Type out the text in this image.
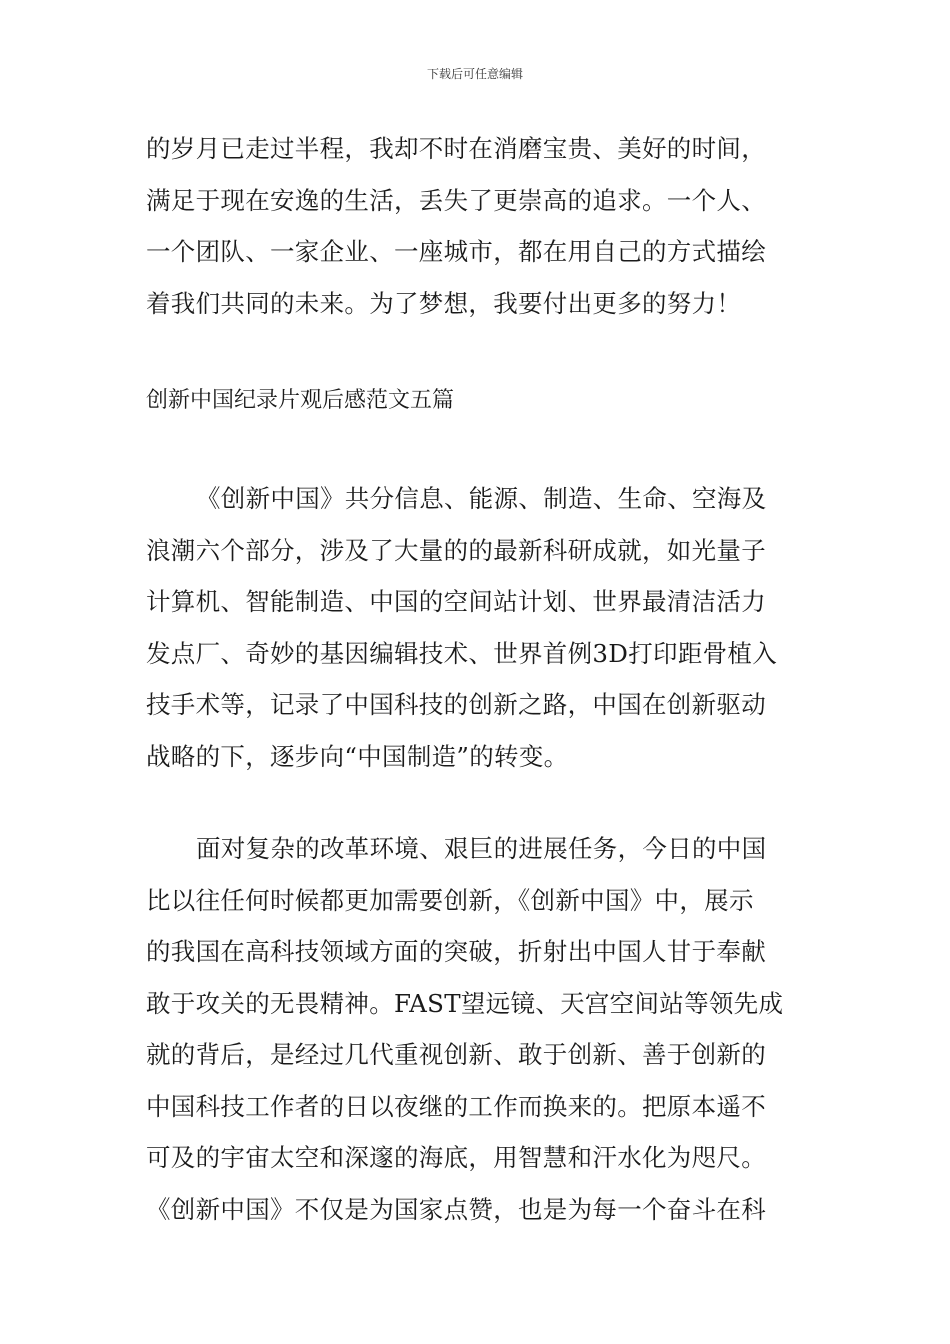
下载后可任意编辑
的岁月已走过半程，我却不时在消磨宝贵、美好的时间，
满足于现在安逸的生活，丢失了更崇高的追求。一个人、
一个团队、一家企业、一座城市，都在用自己的方式描绘
着我们共同的未来。为了梦想，我要付出更多的努力！
创新中国纪录片观后感范文五篇
《创新中国》共分信息、能源、制造、生命、空海及
浪潮六个部分，涉及了大量的的最新科研成就，如光量子
计算机、智能制造、中国的空间站计划、世界最清洁活力
发点厂、奇妙的基因编辑技术、世界首例3D打印距骨植入
技手术等，记录了中国科技的创新之路，中国在创新驱动
战略的下，逐步向“中国制造”的转变。
面对复杂的改革环境、艰巨的进展任务，今日的中国
比以往任何时候都更加需要创新，《创新中国》中，展示
的我国在高科技领域方面的突破，折射出中国人甘于奉献
敢于攻关的无畏精神。FAST望远镜、天宫空间站等领先成
就的背后，是经过几代重视创新、敢于创新、善于创新的
中国科技工作者的日以夜继的工作而换来的。把原本遥不
可及的宇宙太空和深邃的海底，用智慧和汗水化为咫尺。
《创新中国》不仅是为国家点赞，也是为每一个奋斗在科
